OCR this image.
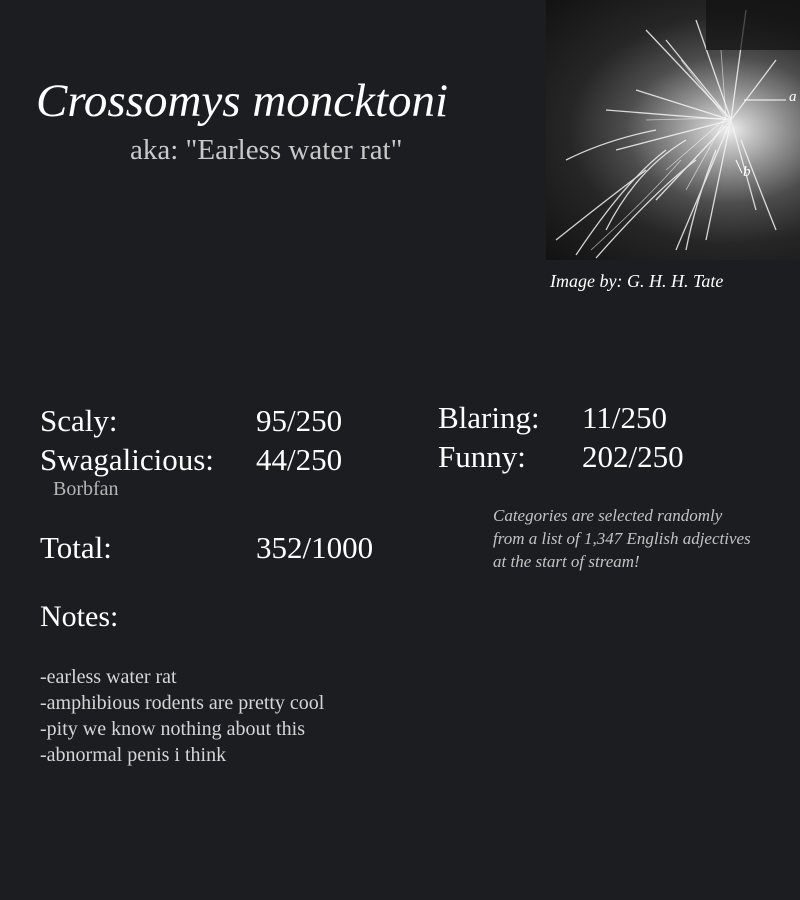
Crossomys moncktoni
aka: "Earless water rat"
a
b
Image by: G. H. H. Tate
Scaly:	95/250
Swagalicious: 44/250
Borbfan
Blaring: 11/250
Funny: 202/250
Total:	352/1000
Categories are selected randomly from a list of 1,347 English adjectives at the start of stream!
Notes:
-earless water rat
-amphibious rodents are pretty cool
-pity we know nothing about this
-abnormal penis i think
